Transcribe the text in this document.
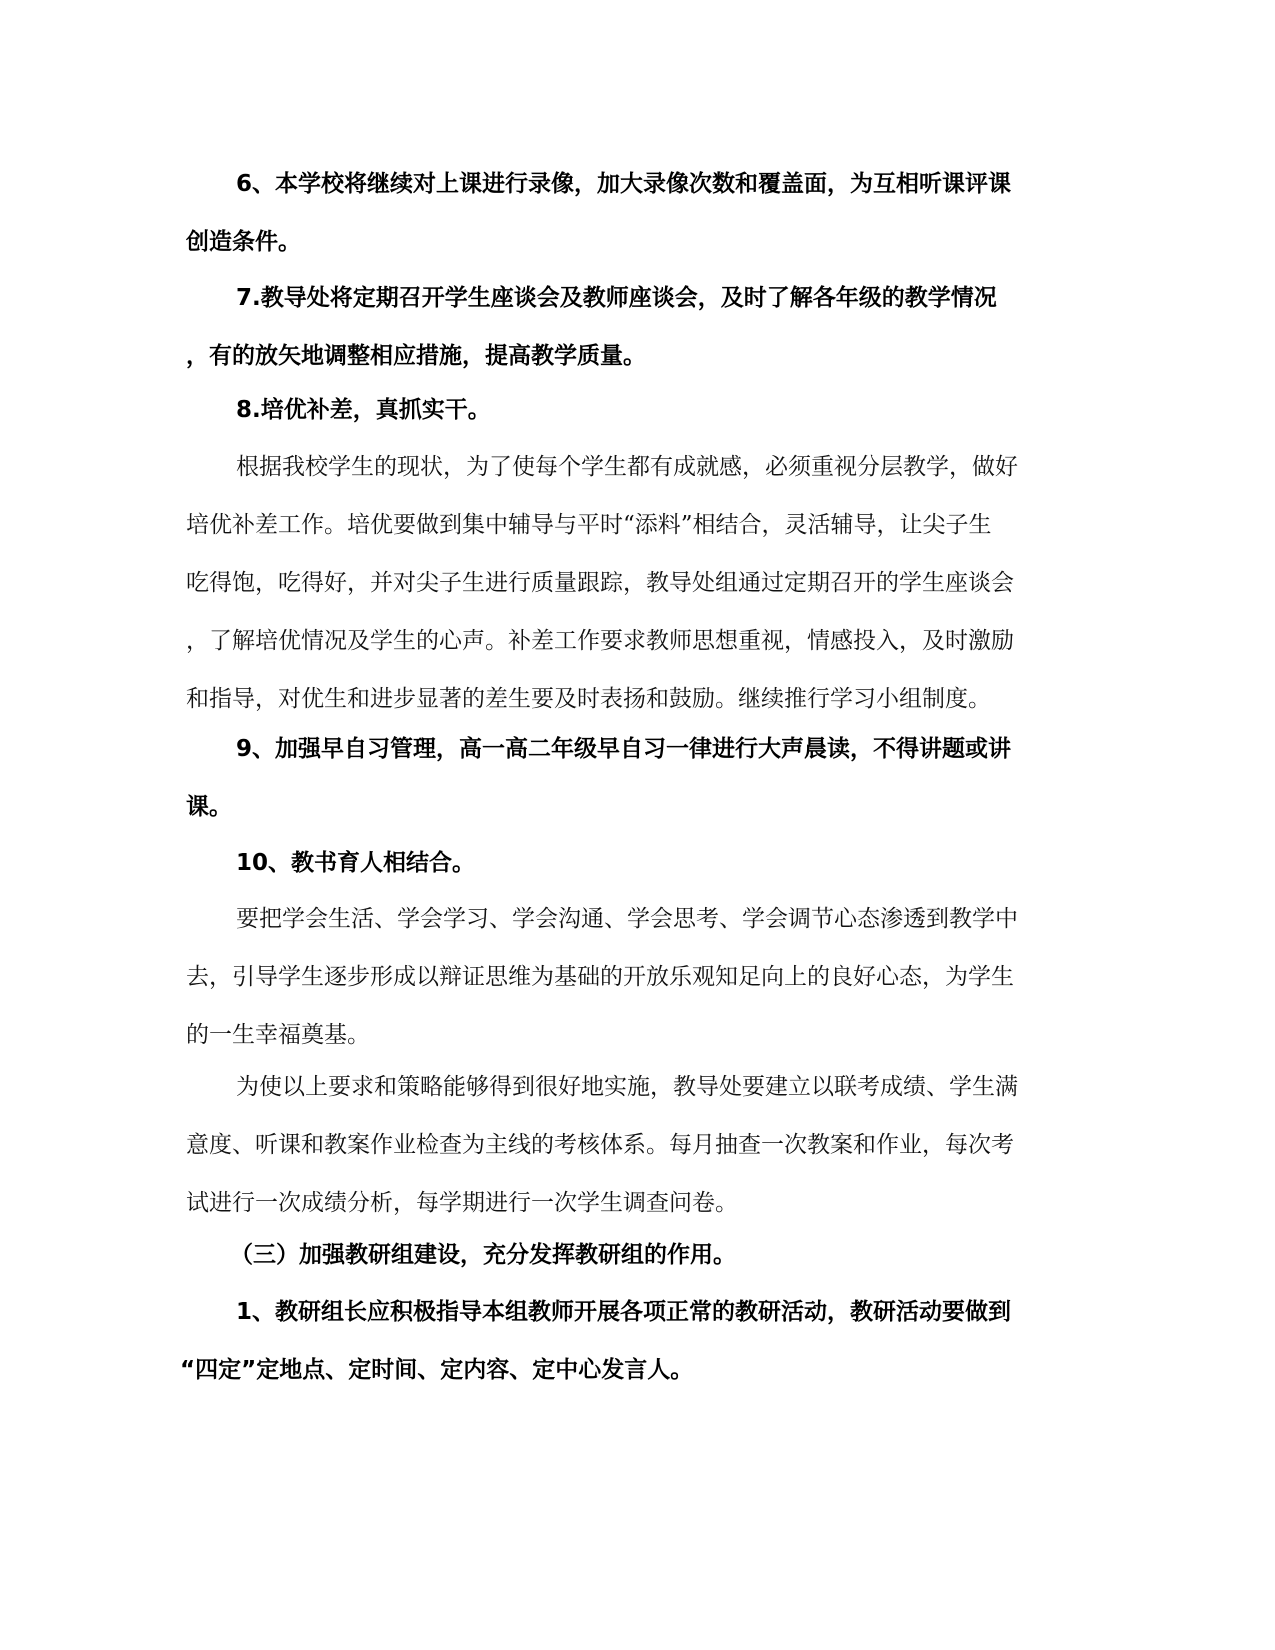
6、本学校将继续对上课进行录像，加大录像次数和覆盖面，为互相听课评课
创造条件。

7.教导处将定期召开学生座谈会及教师座谈会，及时了解各年级的教学情况
，有的放矢地调整相应措施，提高教学质量。

8.培优补差，真抓实干。

根据我校学生的现状，为了使每个学生都有成就感，必须重视分层教学，做好
培优补差工作。培优要做到集中辅导与平时“添料”相结合，灵活辅导，让尖子生
吃得饱，吃得好，并对尖子生进行质量跟踪，教导处组通过定期召开的学生座谈会
，了解培优情况及学生的心声。补差工作要求教师思想重视，情感投入，及时激励
和指导，对优生和进步显著的差生要及时表扬和鼓励。继续推行学习小组制度。

9、加强早自习管理，高一高二年级早自习一律进行大声晨读，不得讲题或讲
课。

10、教书育人相结合。

要把学会生活、学会学习、学会沟通、学会思考、学会调节心态渗透到教学中
去，引导学生逐步形成以辩证思维为基础的开放乐观知足向上的良好心态，为学生
的一生幸福奠基。

为使以上要求和策略能够得到很好地实施，教导处要建立以联考成绩、学生满
意度、听课和教案作业检查为主线的考核体系。每月抽查一次教案和作业，每次考
试进行一次成绩分析，每学期进行一次学生调查问卷。

（三）加强教研组建设，充分发挥教研组的作用。

1、教研组长应积极指导本组教师开展各项正常的教研活动，教研活动要做到
“四定”定地点、定时间、定内容、定中心发言人。
